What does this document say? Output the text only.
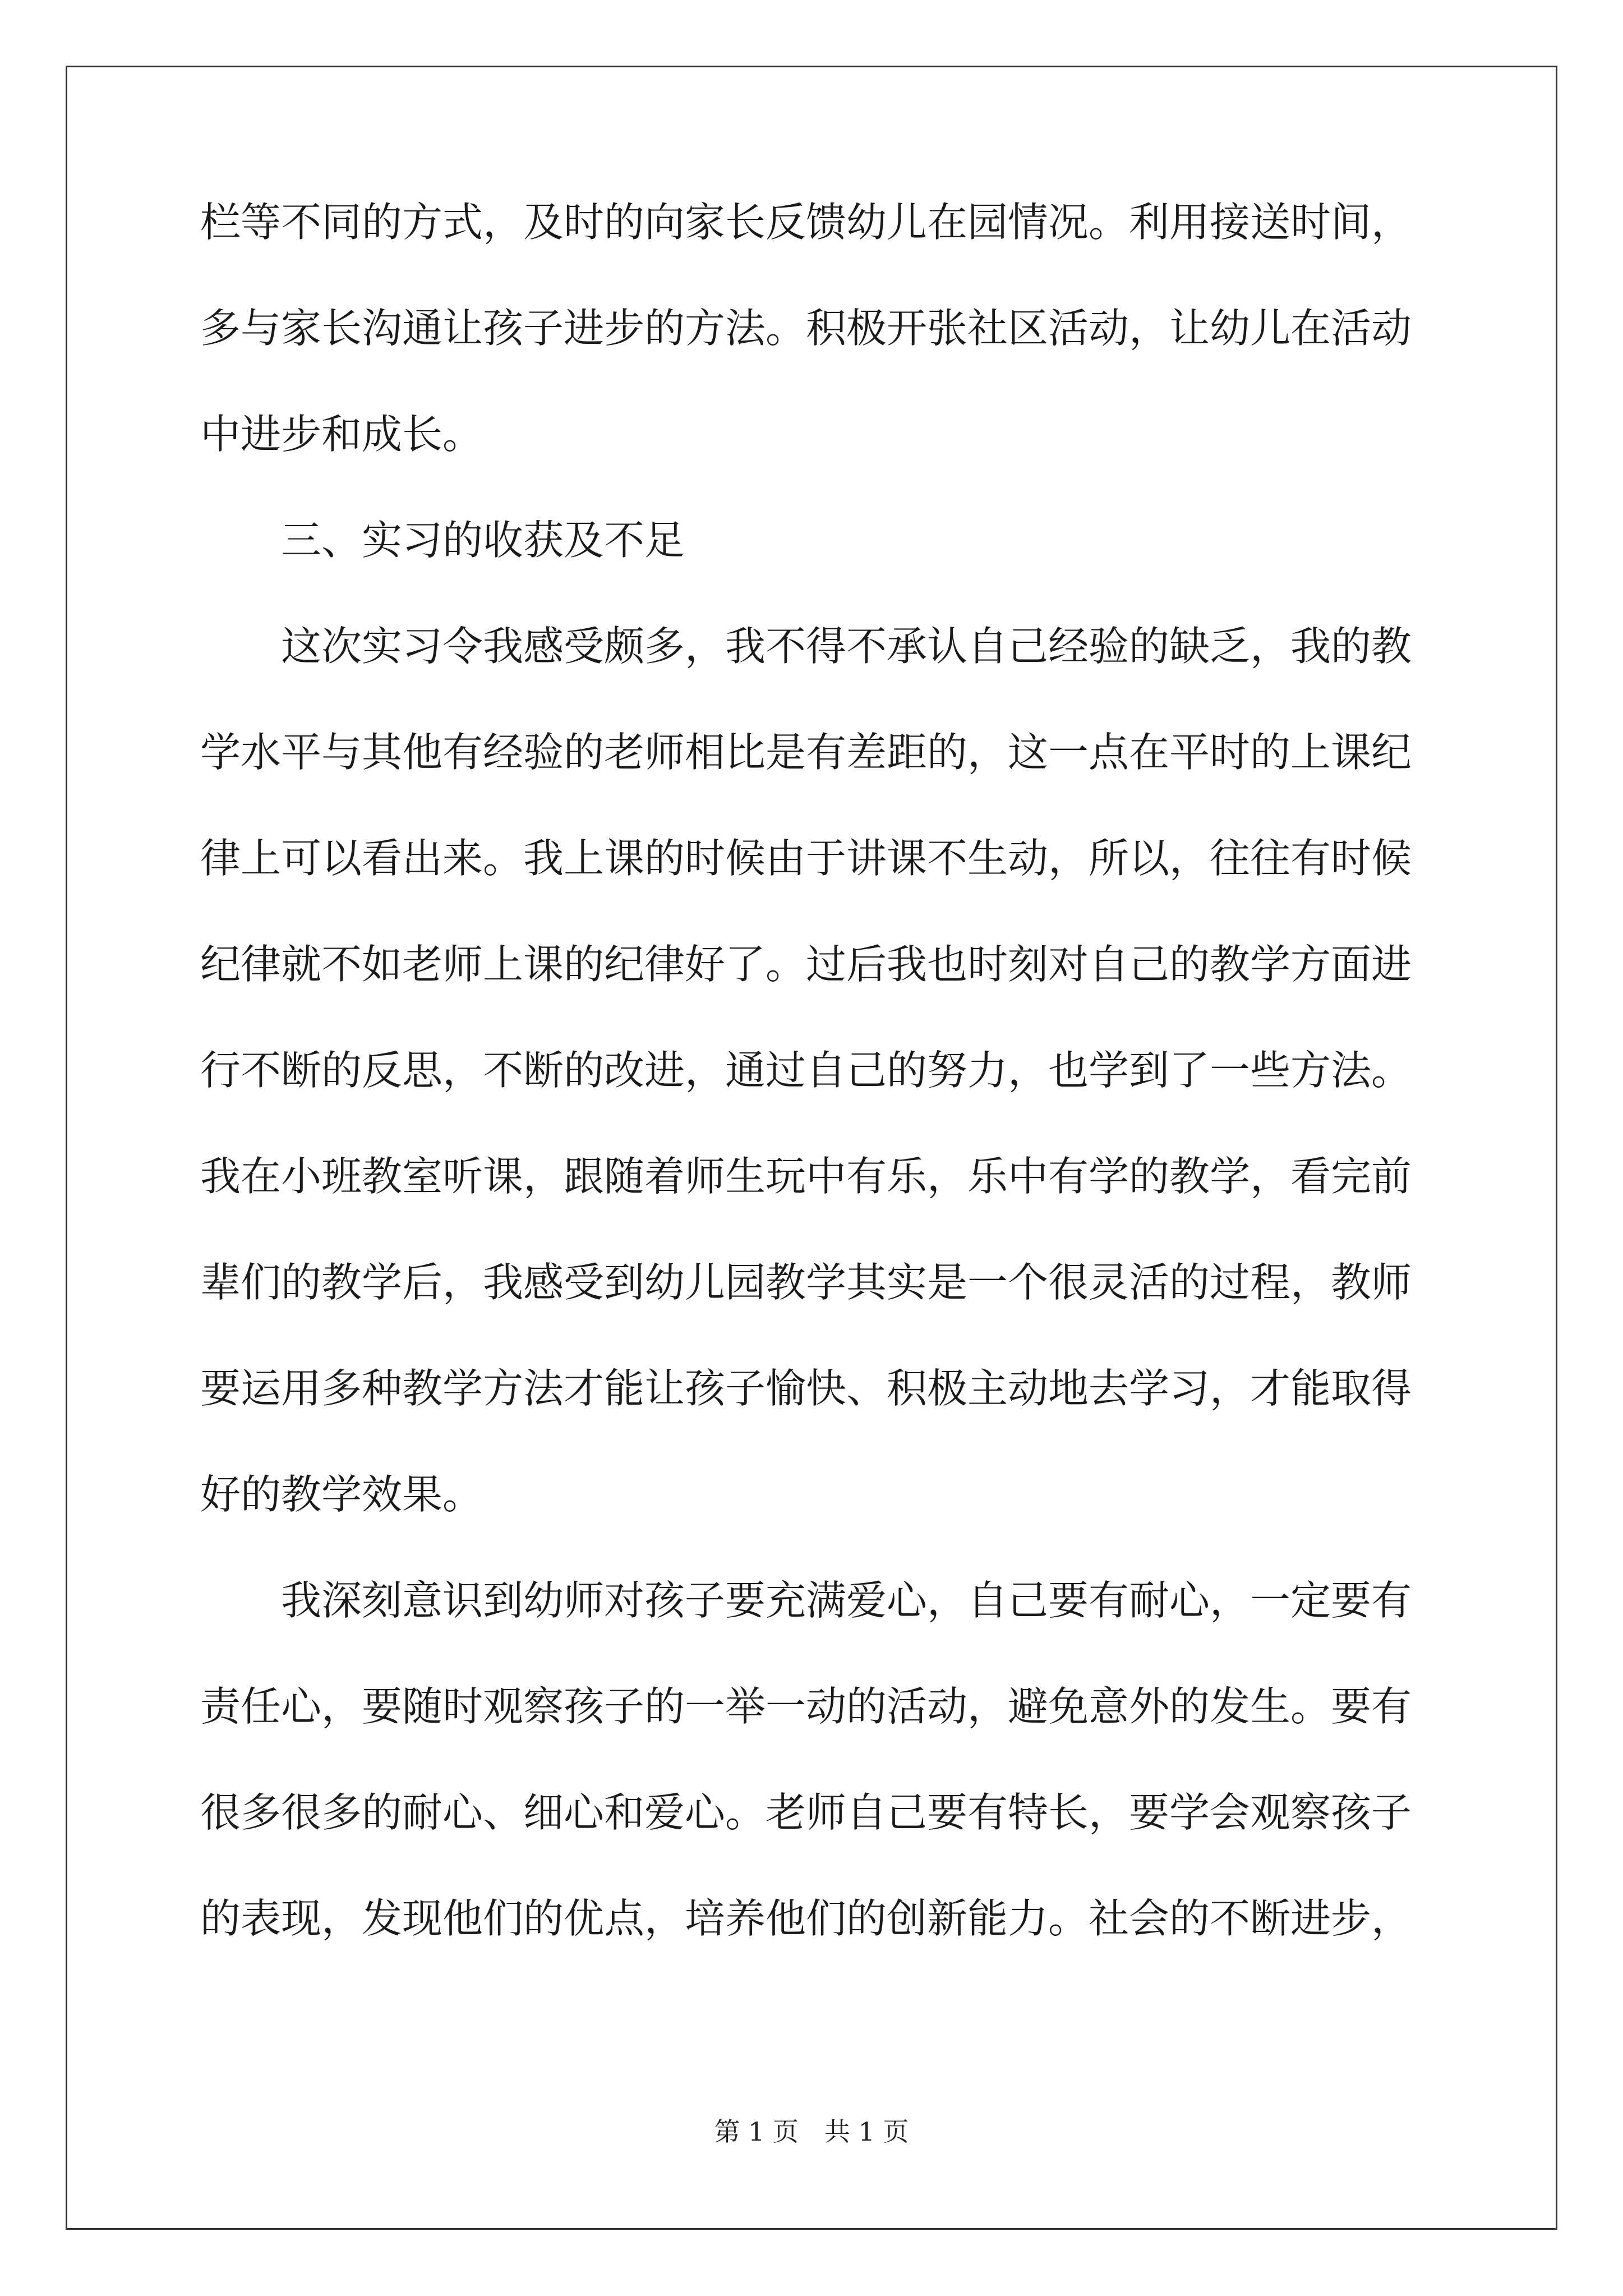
栏等不同的方式，及时的向家长反馈幼儿在园情况。利用接送时间，
多与家长沟通让孩子进步的方法。积极开张社区活动，让幼儿在活动
中进步和成长。
三、实习的收获及不足
这次实习令我感受颇多，我不得不承认自己经验的缺乏，我的教
学水平与其他有经验的老师相比是有差距的，这一点在平时的上课纪
律上可以看出来。我上课的时候由于讲课不生动，所以，往往有时候
纪律就不如老师上课的纪律好了。过后我也时刻对自己的教学方面进
行不断的反思，不断的改进，通过自己的努力，也学到了一些方法。
我在小班教室听课，跟随着师生玩中有乐，乐中有学的教学，看完前
辈们的教学后，我感受到幼儿园教学其实是一个很灵活的过程，教师
要运用多种教学方法才能让孩子愉快、积极主动地去学习，才能取得
好的教学效果。
我深刻意识到幼师对孩子要充满爱心，自己要有耐心，一定要有
责任心，要随时观察孩子的一举一动的活动，避免意外的发生。要有
很多很多的耐心、细心和爱心。老师自己要有特长，要学会观察孩子
的表现，发现他们的优点，培养他们的创新能力。社会的不断进步，
第 1 页　共 1 页
